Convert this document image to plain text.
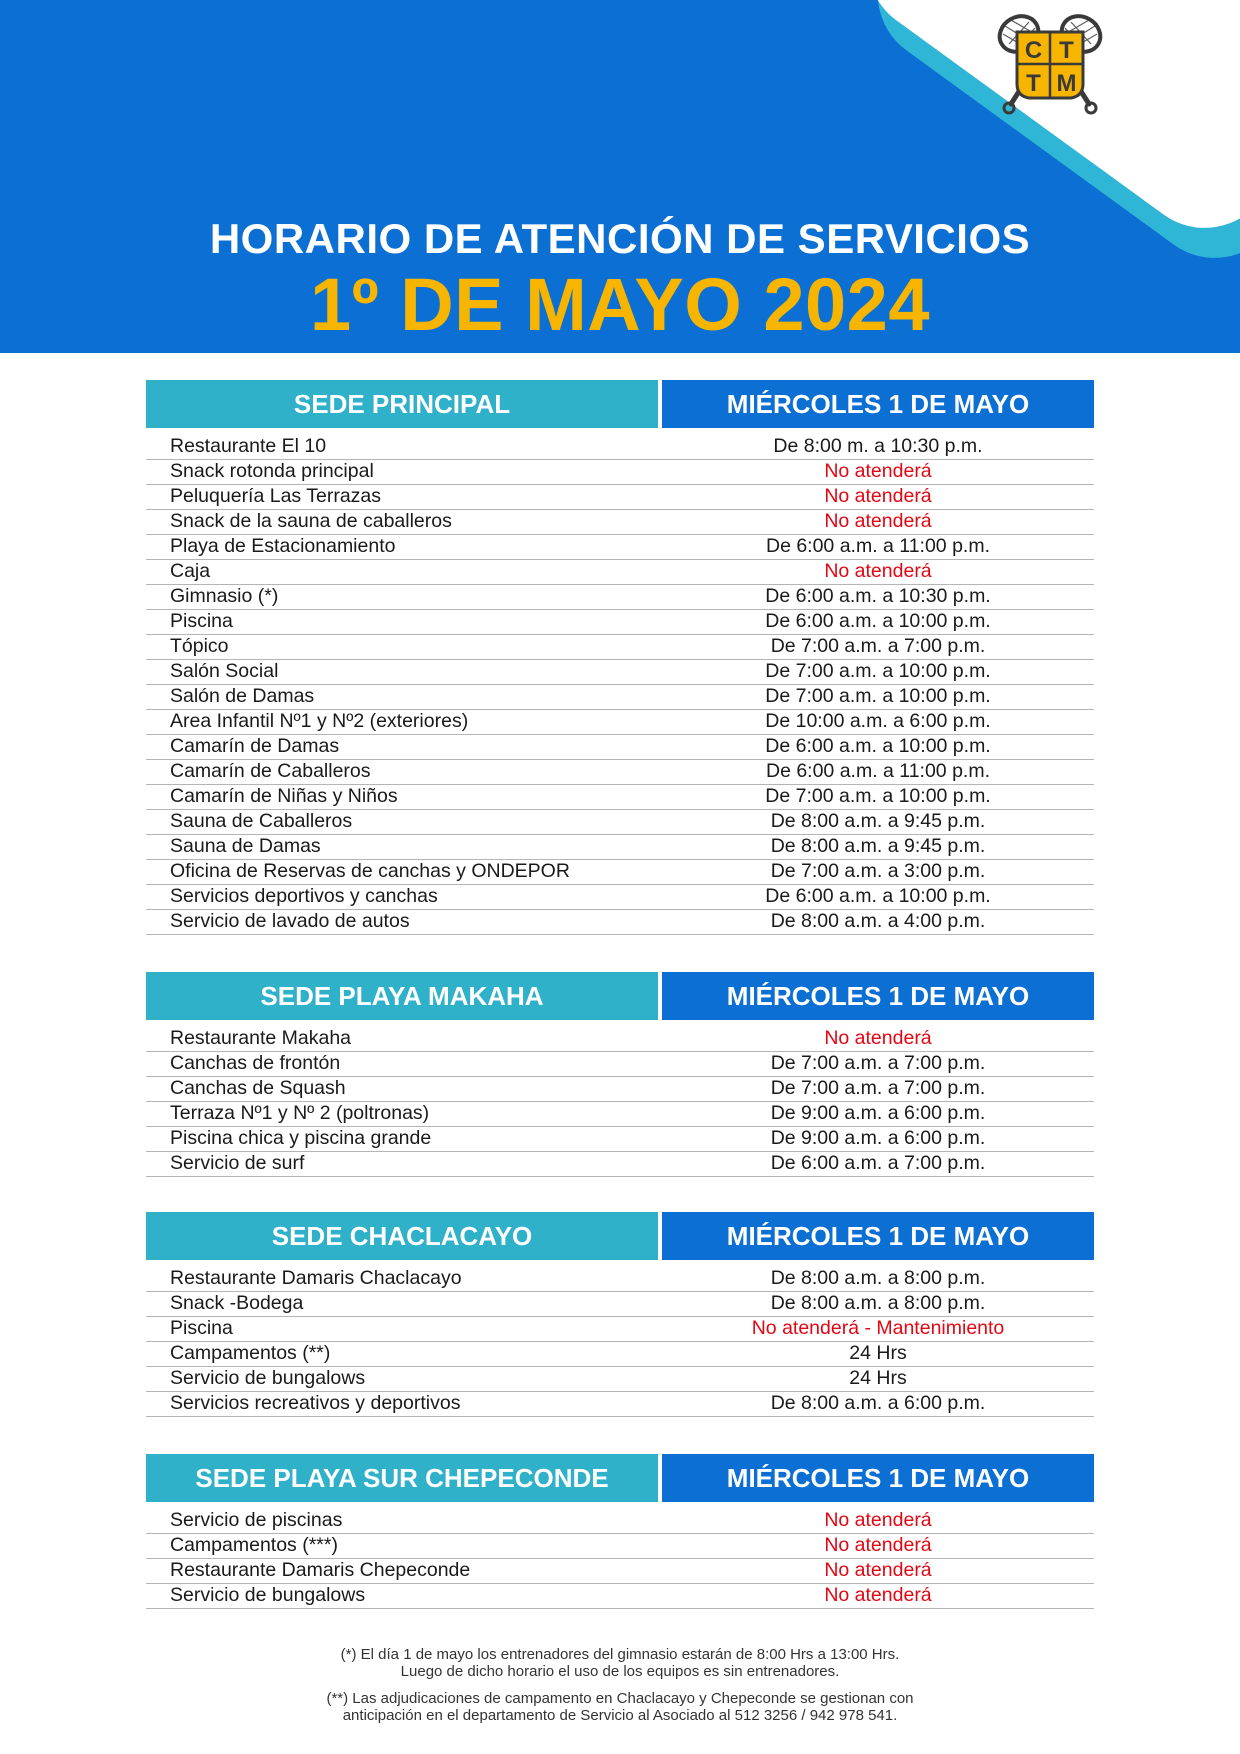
C T
T M
HORARIO DE ATENCIÓN DE SERVICIOS
1º DE MAYO 2024
SEDE PRINCIPAL	MIÉRCOLES 1 DE MAYO
Restaurante El 10	De 8:00 m. a 10:30 p.m.
Snack rotonda principal	No atenderá
Peluquería Las Terrazas	No atenderá
Snack de la sauna de caballeros	No atenderá
Playa de Estacionamiento	De 6:00 a.m. a 11:00 p.m.
Caja	No atenderá
Gimnasio (*)	De 6:00 a.m. a 10:30 p.m.
Piscina	De 6:00 a.m. a 10:00 p.m.
Tópico	De 7:00 a.m. a 7:00 p.m.
Salón Social	De 7:00 a.m. a 10:00 p.m.
Salón de Damas	De 7:00 a.m. a 10:00 p.m.
Area Infantil Nº1 y Nº2 (exteriores)	De 10:00 a.m. a 6:00 p.m.
Camarín de Damas	De 6:00 a.m. a 10:00 p.m.
Camarín de Caballeros	De 6:00 a.m. a 11:00 p.m.
Camarín de Niñas y Niños	De 7:00 a.m. a 10:00 p.m.
Sauna de Caballeros	De 8:00 a.m. a 9:45 p.m.
Sauna de Damas	De 8:00 a.m. a 9:45 p.m.
Oficina de Reservas de canchas y ONDEPOR	De 7:00 a.m. a 3:00 p.m.
Servicios deportivos y canchas	De 6:00 a.m. a 10:00 p.m.
Servicio de lavado de autos	De 8:00 a.m. a 4:00 p.m.
SEDE PLAYA MAKAHA	MIÉRCOLES 1 DE MAYO
Restaurante Makaha	No atenderá
Canchas de frontón	De 7:00 a.m. a 7:00 p.m.
Canchas de Squash	De 7:00 a.m. a 7:00 p.m.
Terraza Nº1 y Nº 2 (poltronas)	De 9:00 a.m. a 6:00 p.m.
Piscina chica y piscina grande	De 9:00 a.m. a 6:00 p.m.
Servicio de surf	De 6:00 a.m. a 7:00 p.m.
SEDE CHACLACAYO	MIÉRCOLES 1 DE MAYO
Restaurante Damaris Chaclacayo	De 8:00 a.m. a 8:00 p.m.
Snack -Bodega	De 8:00 a.m. a 8:00 p.m.
Piscina	No atenderá - Mantenimiento
Campamentos (**)	24 Hrs
Servicio de bungalows	24 Hrs
Servicios recreativos y deportivos	De 8:00 a.m. a 6:00 p.m.
SEDE PLAYA SUR CHEPECONDE	MIÉRCOLES 1 DE MAYO
Servicio de piscinas	No atenderá
Campamentos (***)	No atenderá
Restaurante Damaris Chepeconde	No atenderá
Servicio de bungalows	No atenderá
(*) El día 1 de mayo los entrenadores del gimnasio estarán de 8:00 Hrs a 13:00 Hrs.
Luego de dicho horario el uso de los equipos es sin entrenadores.
(**) Las adjudicaciones de campamento en Chaclacayo y Chepeconde se gestionan con
anticipación en el departamento de Servicio al Asociado al 512 3256 / 942 978 541.
